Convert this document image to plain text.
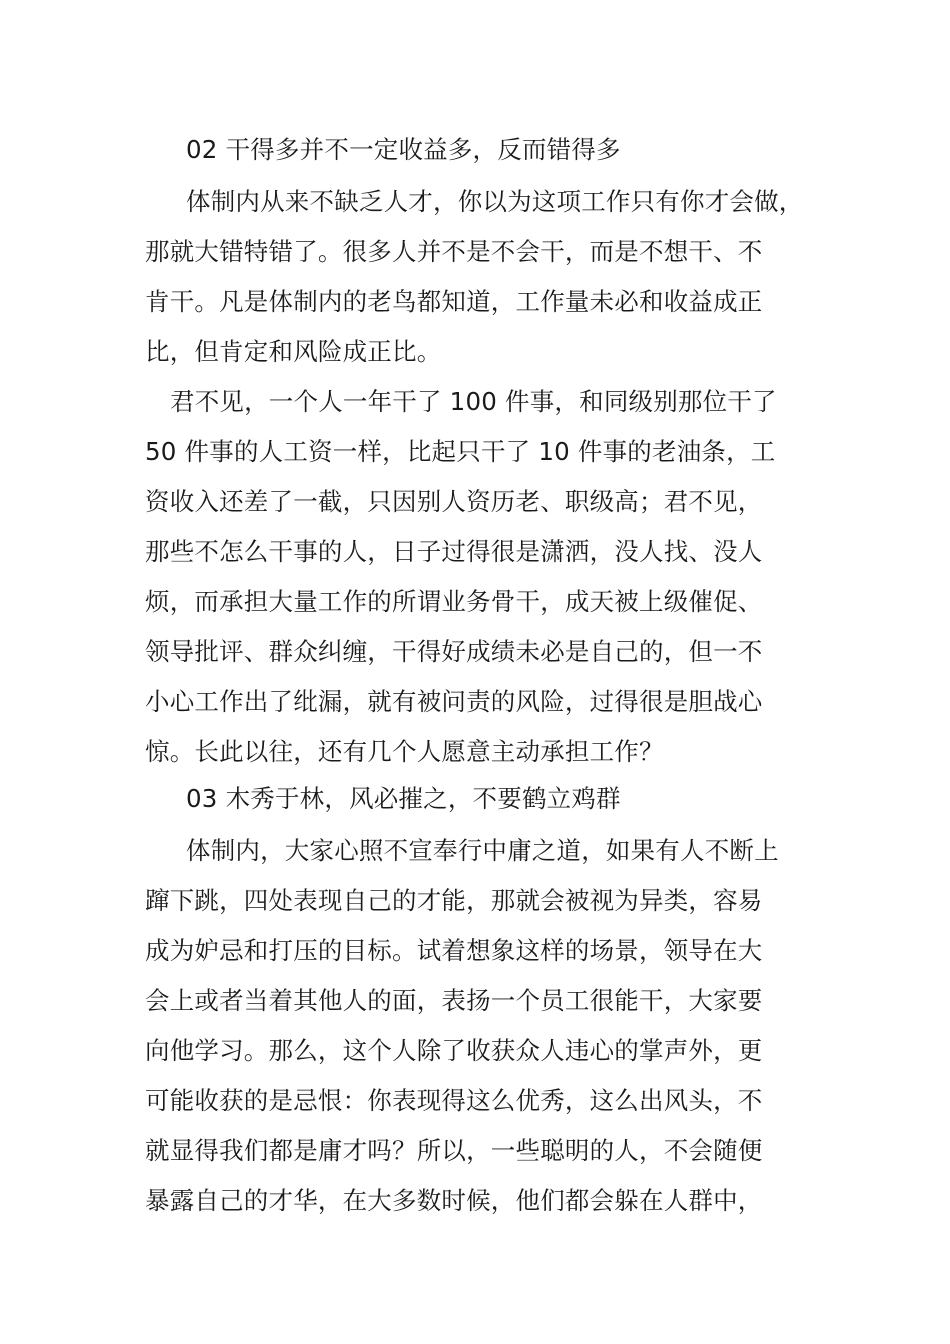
02 干得多并不一定收益多，反而错得多
体制内从来不缺乏人才，你以为这项工作只有你才会做，
那就大错特错了。很多人并不是不会干，而是不想干、不
肯干。凡是体制内的老鸟都知道，工作量未必和收益成正
比，但肯定和风险成正比。
君不见，一个人一年干了 100 件事，和同级别那位干了
50 件事的人工资一样，比起只干了 10 件事的老油条，工
资收入还差了一截，只因别人资历老、职级高；君不见，
那些不怎么干事的人，日子过得很是潇洒，没人找、没人
烦，而承担大量工作的所谓业务骨干，成天被上级催促、
领导批评、群众纠缠，干得好成绩未必是自己的，但一不
小心工作出了纰漏，就有被问责的风险，过得很是胆战心
惊。长此以往，还有几个人愿意主动承担工作？
03 木秀于林，风必摧之，不要鹤立鸡群
体制内，大家心照不宣奉行中庸之道，如果有人不断上
蹿下跳，四处表现自己的才能，那就会被视为异类，容易
成为妒忌和打压的目标。试着想象这样的场景，领导在大
会上或者当着其他人的面，表扬一个员工很能干，大家要
向他学习。那么，这个人除了收获众人违心的掌声外，更
可能收获的是忌恨：你表现得这么优秀，这么出风头，不
就显得我们都是庸才吗？所以，一些聪明的人，不会随便
暴露自己的才华，在大多数时候，他们都会躲在人群中，
